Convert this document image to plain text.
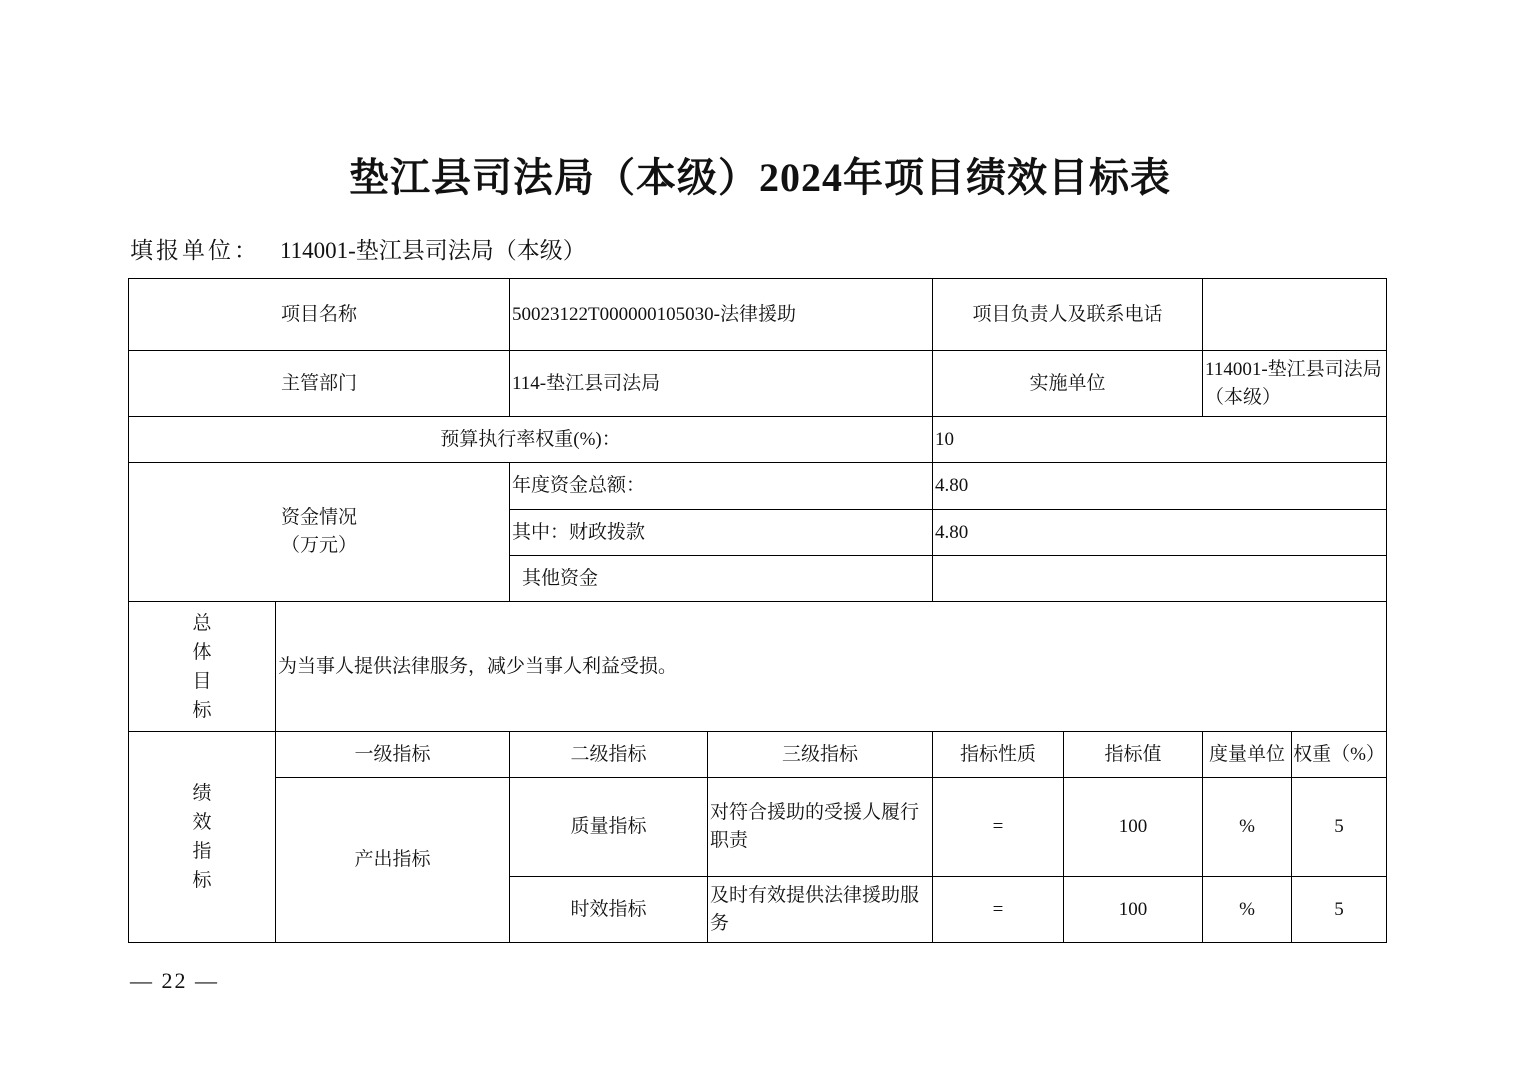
垫江县司法局（本级）2024年项目绩效目标表
填报单位： 114001-垫江县司法局（本级）
项目名称		50023122T000000105030-法律援助		项目负责人及联系电话			
主管部门		114-垫江县司法局		实施单位		114001-垫江县司法局（本级）	
预算执行率权重(%)：				10			

资金情况
（万元）		年度资金总额：		4.80			
		其中：财政拨款		4.80			
		其他资金					
总体目标	为当事人提供法律服务，减少当事人利益受损。						
绩效指标	一级指标	二级指标	三级指标	指标性质	指标值	度量单位	权重（%）
	产出指标	质量指标	对符合援助的受援人履行职责	=	100	%	5
		时效指标	及时有效提供法律援助服务	=	100	%	5
— 22 —
